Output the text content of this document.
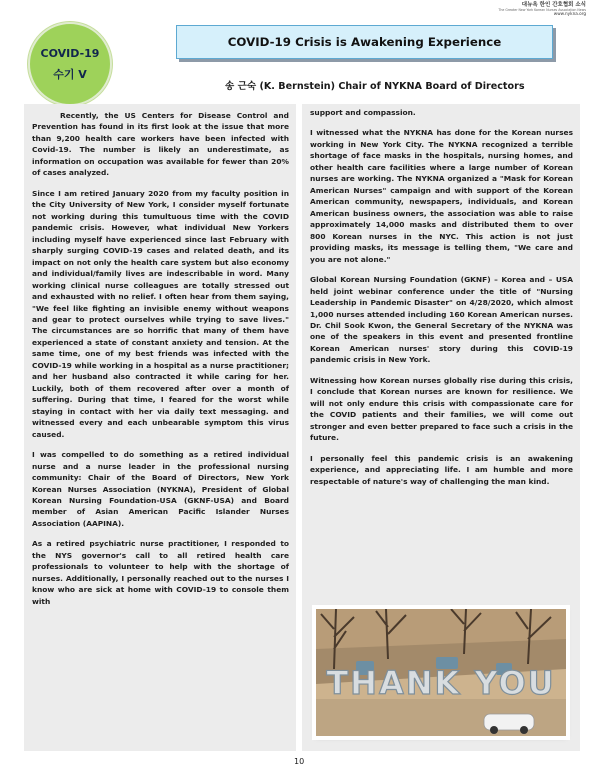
대뉴욕 한인 간호협회 소식
The Greater New York Korean Nurses Association News
www.nykna.org
COVID-19
수기 V
COVID-19 Crisis is Awakening Experience
송 근숙 (K. Bernstein) Chair of NYKNA Board of Directors

Recently, the US Centers for Disease Control and Prevention has found in its first look at the issue that more than 9,200 health care workers have been infected with Covid-19. The number is likely an underestimate, as information on occupation was available for fewer than 20% of cases analyzed.

Since I am retired January 2020 from my faculty position in the City University of New York, I consider myself fortunate not working during this tumultuous time with the COVID pandemic crisis. However, what individual New Yorkers including myself have experienced since last February with sharply surging COVID-19 cases and related death, and its impact on not only the health care system but also economy and individual/family lives are indescribable in word. Many working clinical nurse colleagues are totally stressed out and exhausted with no relief. I often hear from them saying, "We feel like fighting an invisible enemy without weapons and gear to protect ourselves while trying to save lives." The circumstances are so horrific that many of them have experienced a state of constant anxiety and tension. At the same time, one of my best friends was infected with the COVID-19 while working in a hospital as a nurse practitioner; and her husband also contracted it while caring for her. Luckily, both of them recovered after over a month of suffering. During that time, I feared for the worst while staying in contact with her via daily text messaging. and witnessed every and each unbearable symptom this virus caused.

I was compelled to do something as a retired individual nurse and a nurse leader in the professional nursing community: Chair of the Board of Directors, New York Korean Nurses Association (NYKNA), President of Global Korean Nursing Foundation-USA (GKNF-USA) and Board member of Asian American Pacific Islander Nurses Association (AAPINA).

As a retired psychiatric nurse practitioner, I responded to the NYS governor's call to all retired health care professionals to volunteer to help with the shortage of nurses. Additionally, I personally reached out to the nurses I know who are sick at home with COVID-19 to console them with

support and compassion.

I witnessed what the NYKNA has done for the Korean nurses working in New York City. The NYKNA recognized a terrible shortage of face masks in the hospitals, nursing homes, and other health care facilities where a large number of Korean nurses are working. The NYKNA organized a "Mask for Korean American Nurses" campaign and with support of the Korean American community, newspapers, individuals, and Korean American business owners, the association was able to raise approximately 14,000 masks and distributed them to over 800 Korean nurses in the NYC. This action is not just providing masks, its message is telling them, "We care and you are not alone."

Global Korean Nursing Foundation (GKNF) – Korea and – USA held joint webinar conference under the title of "Nursing Leadership in Pandemic Disaster" on 4/28/2020, which almost 1,000 nurses attended including 160 Korean American nurses. Dr. Chil Sook Kwon, the General Secretary of the NYKNA was one of the speakers in this event and presented frontline Korean American nurses' story during this COVID-19 pandemic crisis in New York.

Witnessing how Korean nurses globally rise during this crisis, I conclude that Korean nurses are known for resilience. We will not only endure this crisis with compassionate care for the COVID patients and their families, we will come out stronger and even better prepared to face such a crisis in the future.

I personally feel this pandemic crisis is an awakening experience, and appreciating life. I am humble and more respectable of nature's way of challenging the man kind.

THANK YOU
10
